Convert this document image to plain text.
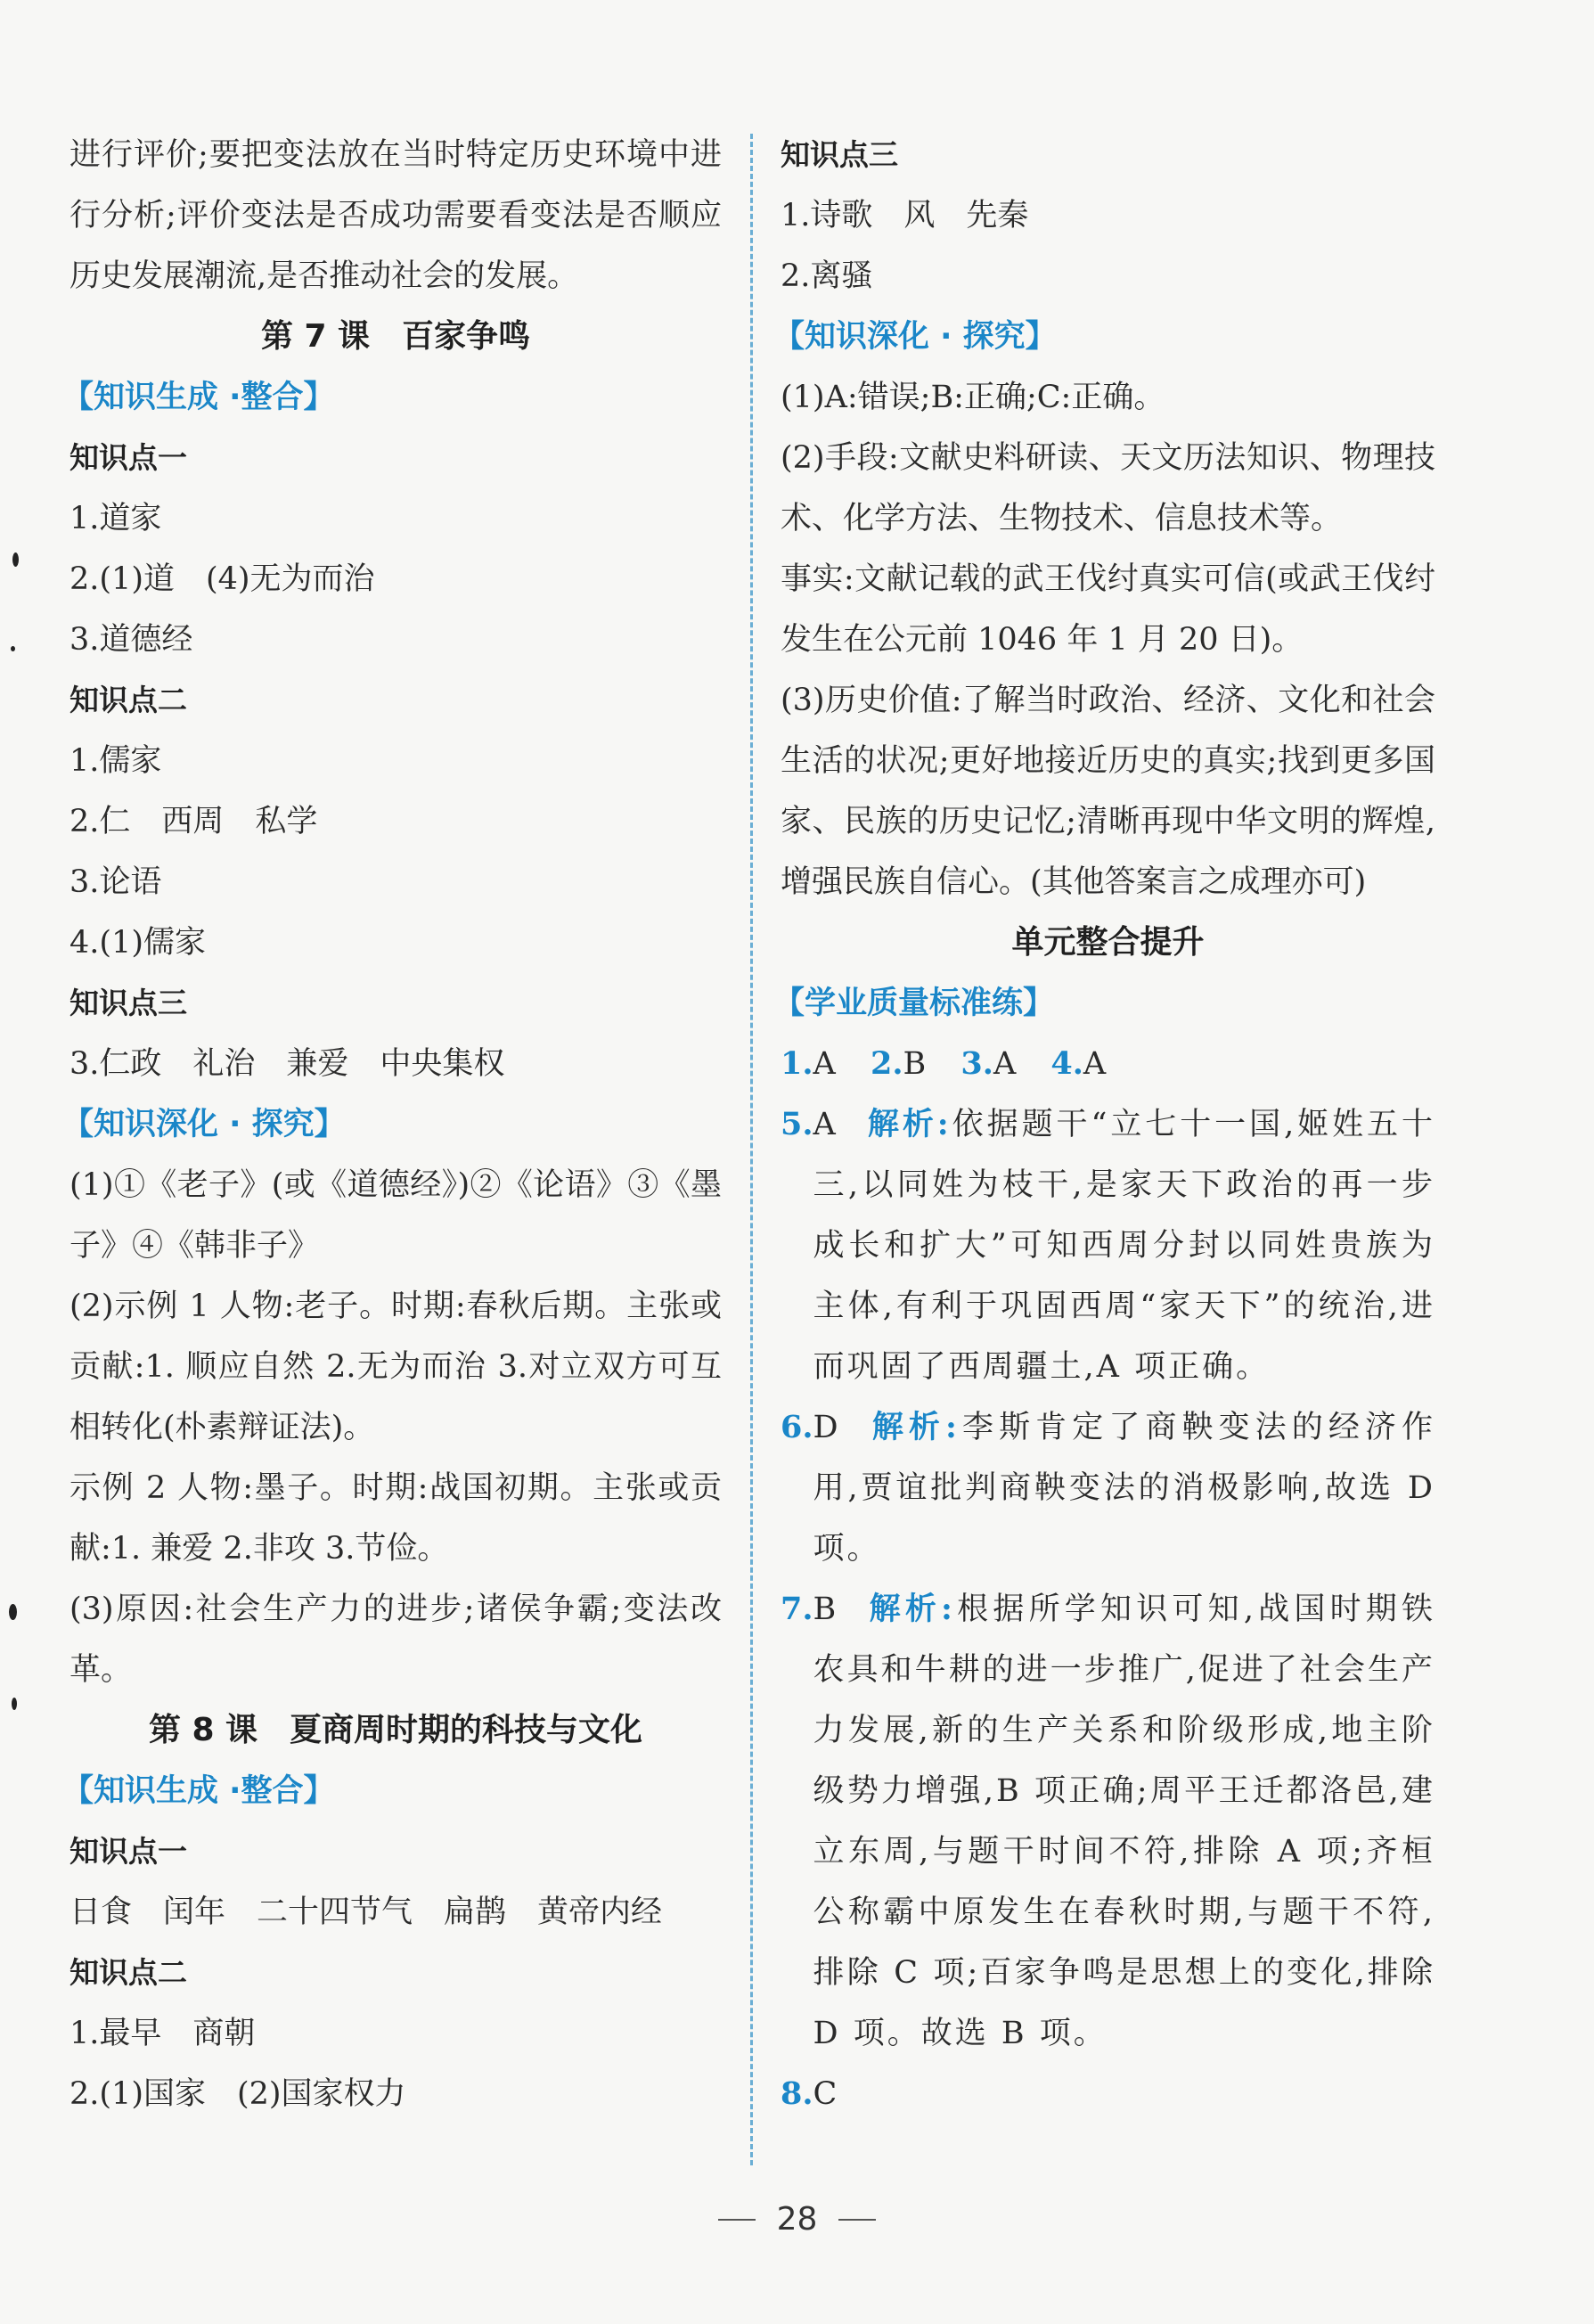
进行评价;要把变法放在当时特定历史环境中进行分析;评价变法是否成功需要看变法是否顺应历史发展潮流,是否推动社会的发展。

第 7 课　百家争鸣
【知识生成 ·整合】
知识点一
1.道家
2.(1)道　(4)无为而治
3.道德经
知识点二
1.儒家
2.仁　西周　私学
3.论语
4.(1)儒家
知识点三
3.仁政　礼治　兼爱　中央集权
【知识深化 · 探究】

(1)①《老子》(或《道德经》)②《论语》③《墨子》④《韩非子》

(2)示例 1 人物:老子。时期:春秋后期。主张或贡献:1. 顺应自然 2.无为而治 3.对立双方可互相转化(朴素辩证法)。

示例 2 人物:墨子。时期:战国初期。主张或贡献:1. 兼爱 2.非攻 3.节俭。

(3)原因:社会生产力的进步;诸侯争霸;变法改革。

第 8 课　夏商周时期的科技与文化
【知识生成 ·整合】
知识点一
日食　闰年　二十四节气　扁鹊　黄帝内经
知识点二
1.最早　商朝
2.(1)国家　(2)国家权力
知识点三
1.诗歌　风　先秦
2.离骚
【知识深化 · 探究】

(1)A:错误;B:正确;C:正确。

(2)手段:文献史料研读、天文历法知识、物理技术、化学方法、生物技术、信息技术等。

事实:文献记载的武王伐纣真实可信(或武王伐纣发生在公元前 1046 年 1 月 20 日)。

(3)历史价值:了解当时政治、经济、文化和社会生活的状况;更好地接近历史的真实;找到更多国家、民族的历史记忆;清晰再现中华文明的辉煌,增强民族自信心。(其他答案言之成理亦可)

单元整合提升
【学业质量标准练】
1.A 2.B 3.A 4.A
5. A 解析:依据题干“立七十一国,姬姓五十三,以同姓为枝干,是家天下政治的再一步成长和扩大”可知西周分封以同姓贵族为主体,有利于巩固西周“家天下”的统治,进而巩固了西周疆土,A 项正确。
6. D 解析:李斯肯定了商鞅变法的经济作用,贾谊批判商鞅变法的消极影响,故选 D 项。
7. B 解析:根据所学知识可知,战国时期铁农具和牛耕的进一步推广,促进了社会生产力发展,新的生产关系和阶级形成,地主阶级势力增强,B 项正确;周平王迁都洛邑,建立东周,与题干时间不符,排除 A 项;齐桓公称霸中原发生在春秋时期,与题干不符,排除 C 项;百家争鸣是思想上的变化,排除 D 项。故选 B 项。
8.C
28
